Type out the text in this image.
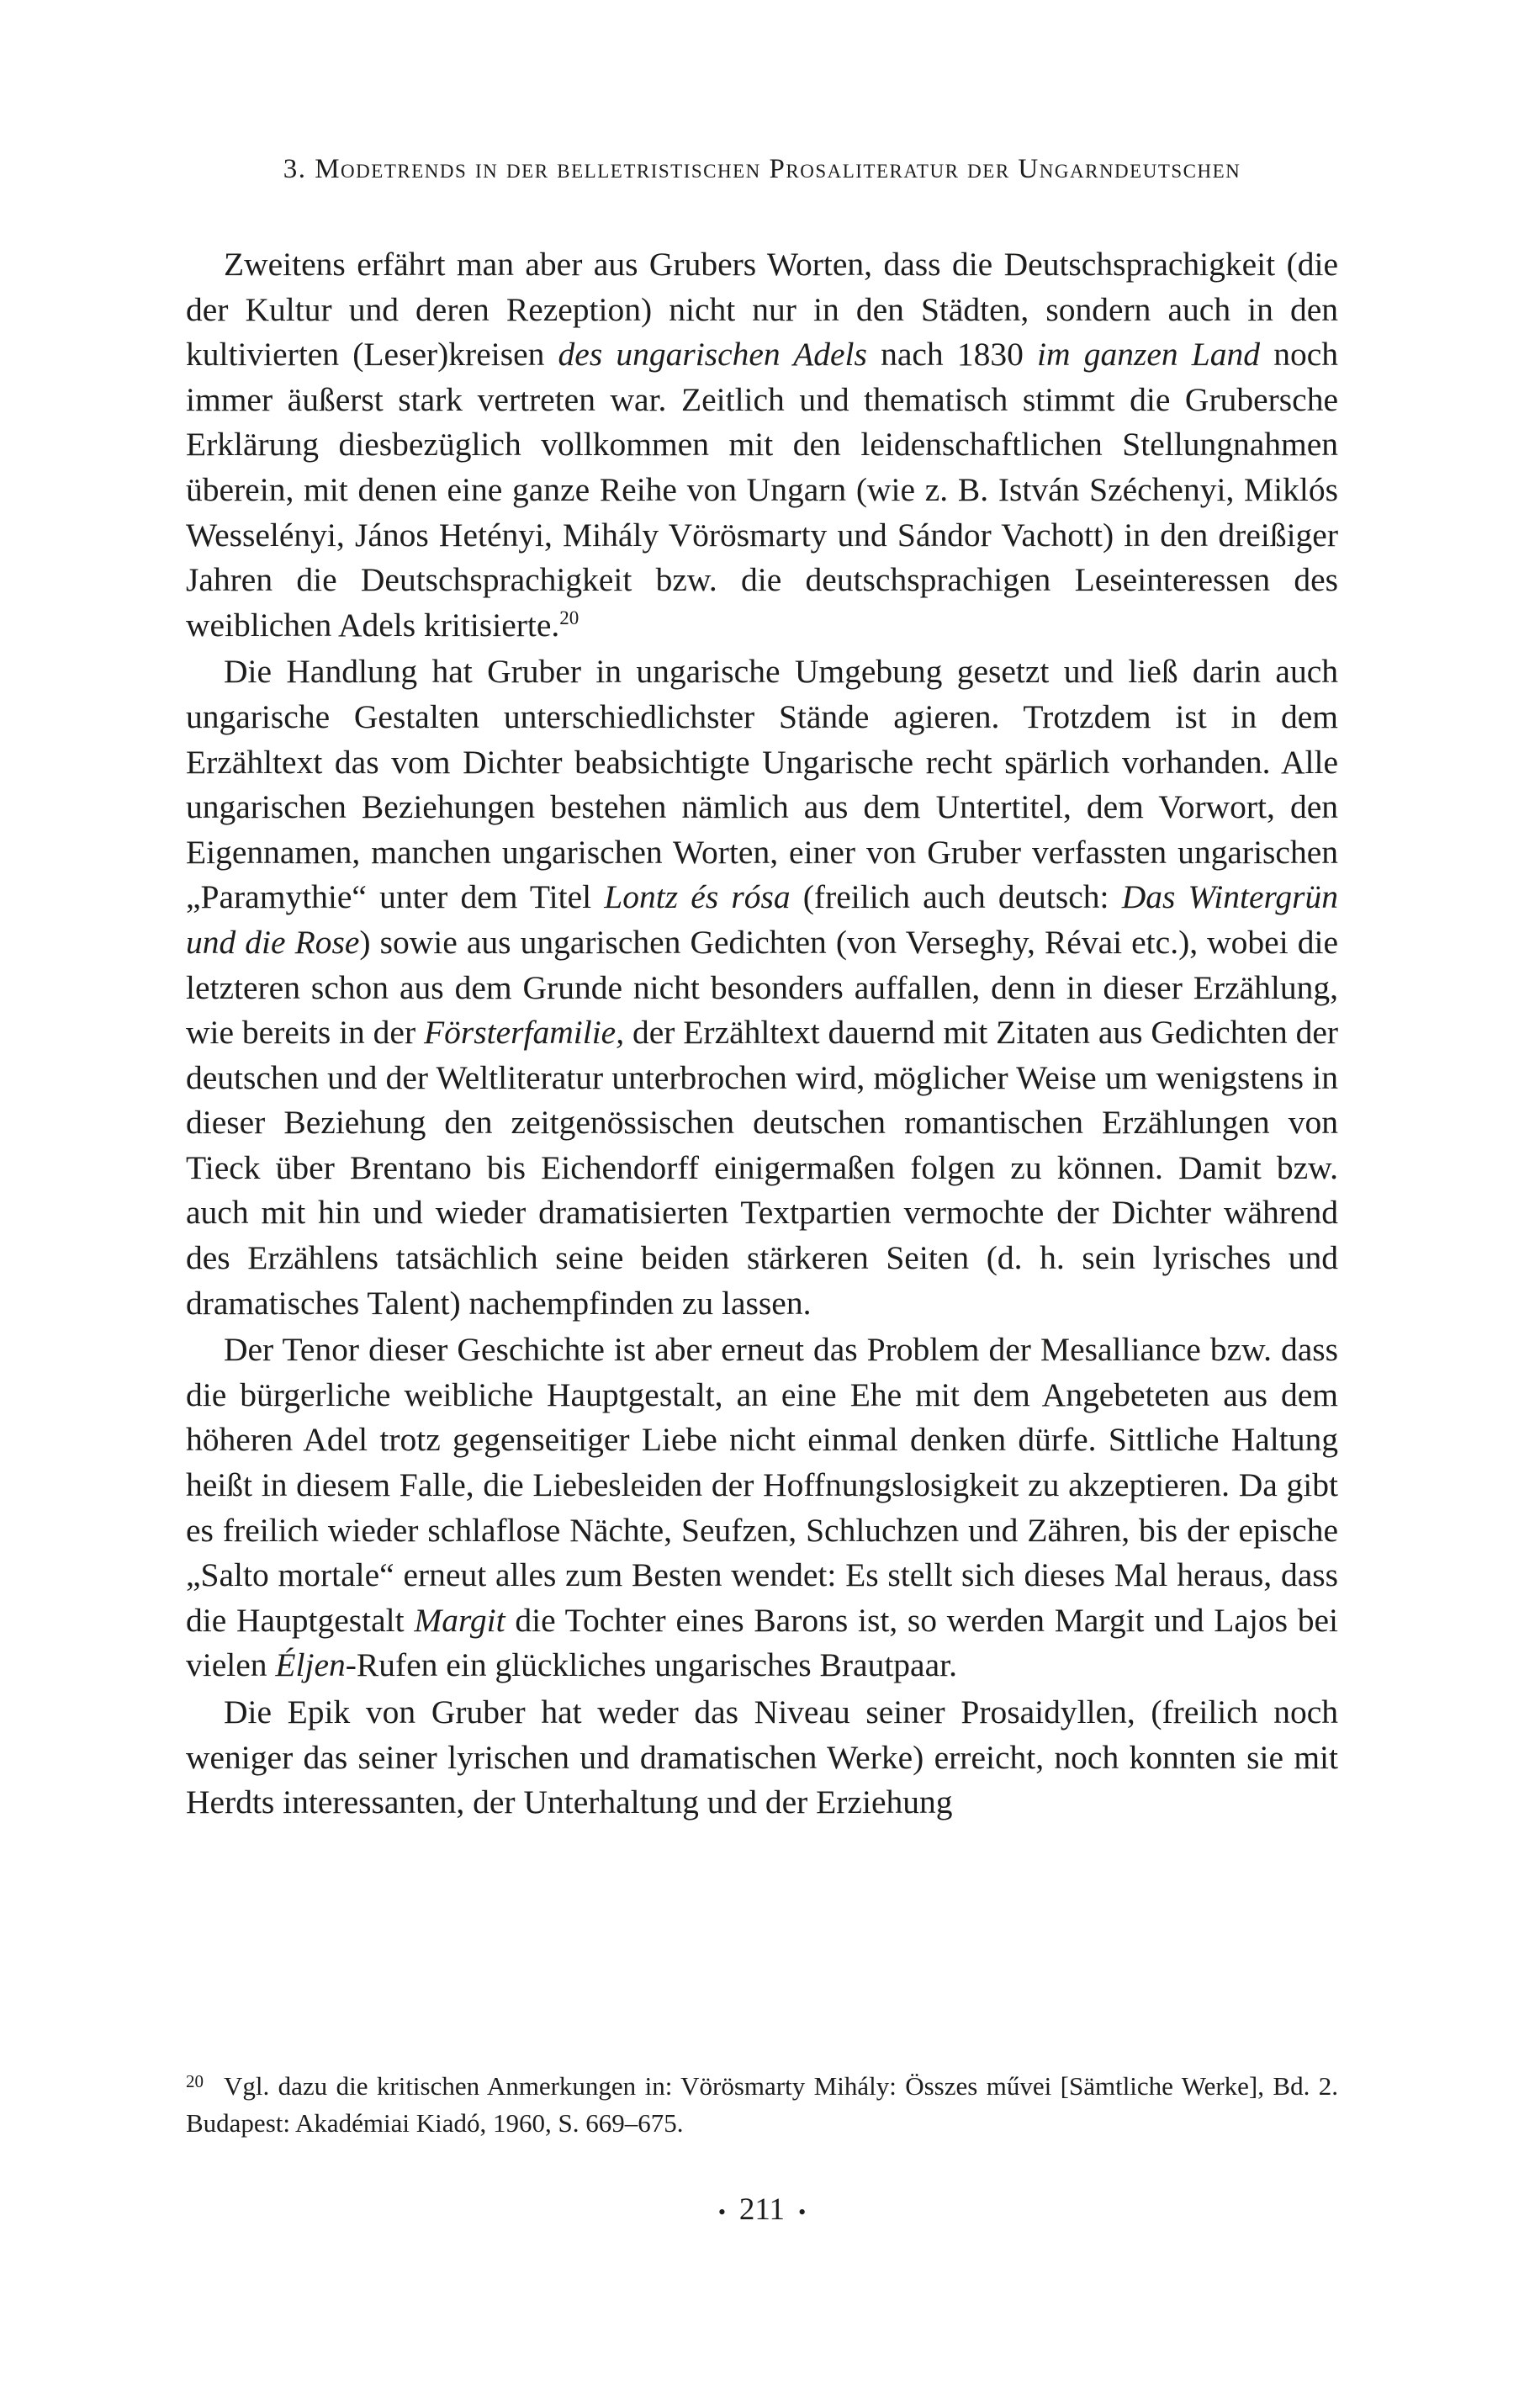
3. Modetrends in der belletristischen Prosaliteratur der Ungarndeutschen

Zweitens erfährt man aber aus Grubers Worten, dass die Deutschsprachigkeit (die der Kultur und deren Rezeption) nicht nur in den Städten, sondern auch in den kultivierten (Leser)kreisen des ungarischen Adels nach 1830 im ganzen Land noch immer äußerst stark vertreten war. Zeitlich und thematisch stimmt die Grubersche Erklärung diesbezüglich vollkommen mit den leidenschaftlichen Stellungnahmen überein, mit denen eine ganze Reihe von Ungarn (wie z. B. István Széchenyi, Miklós Wesselényi, János Hetényi, Mihály Vörösmarty und Sándor Vachott) in den dreißiger Jahren die Deutschsprachigkeit bzw. die deutschsprachigen Leseinteressen des weiblichen Adels kritisierte.$^{20}$

Die Handlung hat Gruber in ungarische Umgebung gesetzt und ließ darin auch ungarische Gestalten unterschiedlichster Stände agieren. Trotzdem ist in dem Erzähltext das vom Dichter beabsichtigte Ungarische recht spärlich vorhanden. Alle ungarischen Beziehungen bestehen nämlich aus dem Untertitel, dem Vorwort, den Eigennamen, manchen ungarischen Worten, einer von Gruber verfassten ungarischen „Paramythie“ unter dem Titel Lontz és rósa (freilich auch deutsch: Das Wintergrün und die Rose) sowie aus ungarischen Gedichten (von Verseghy, Révai etc.), wobei die letzteren schon aus dem Grunde nicht besonders auffallen, denn in dieser Erzählung, wie bereits in der Försterfamilie, der Erzähltext dauernd mit Zitaten aus Gedichten der deutschen und der Weltliteratur unterbrochen wird, möglicher Weise um wenigstens in dieser Beziehung den zeitgenössischen deutschen romantischen Erzählungen von Tieck über Brentano bis Eichendorff einigermaßen folgen zu können. Damit bzw. auch mit hin und wieder dramatisierten Textpartien vermochte der Dichter während des Erzählens tatsächlich seine beiden stärkeren Seiten (d. h. sein lyrisches und dramatisches Talent) nachempfinden zu lassen.

Der Tenor dieser Geschichte ist aber erneut das Problem der Mesalliance bzw. dass die bürgerliche weibliche Hauptgestalt, an eine Ehe mit dem Angebeteten aus dem höheren Adel trotz gegenseitiger Liebe nicht einmal denken dürfe. Sittliche Haltung heißt in diesem Falle, die Liebesleiden der Hoffnungslosigkeit zu akzeptieren. Da gibt es freilich wieder schlaflose Nächte, Seufzen, Schluchzen und Zähren, bis der epische „Salto mortale“ erneut alles zum Besten wendet: Es stellt sich dieses Mal heraus, dass die Hauptgestalt Margit die Tochter eines Barons ist, so werden Margit und Lajos bei vielen Éljen-Rufen ein glückliches ungarisches Brautpaar.

Die Epik von Gruber hat weder das Niveau seiner Prosaidyllen, (freilich noch weniger das seiner lyrischen und dramatischen Werke) erreicht, noch konnten sie mit Herdts interessanten, der Unterhaltung und der Erziehung

20 Vgl. dazu die kritischen Anmerkungen in: Vörösmarty Mihály: Összes művei [Sämtliche Werke], Bd. 2. Budapest: Akadémiai Kiadó, 1960, S. 669–675.
• 211 •
